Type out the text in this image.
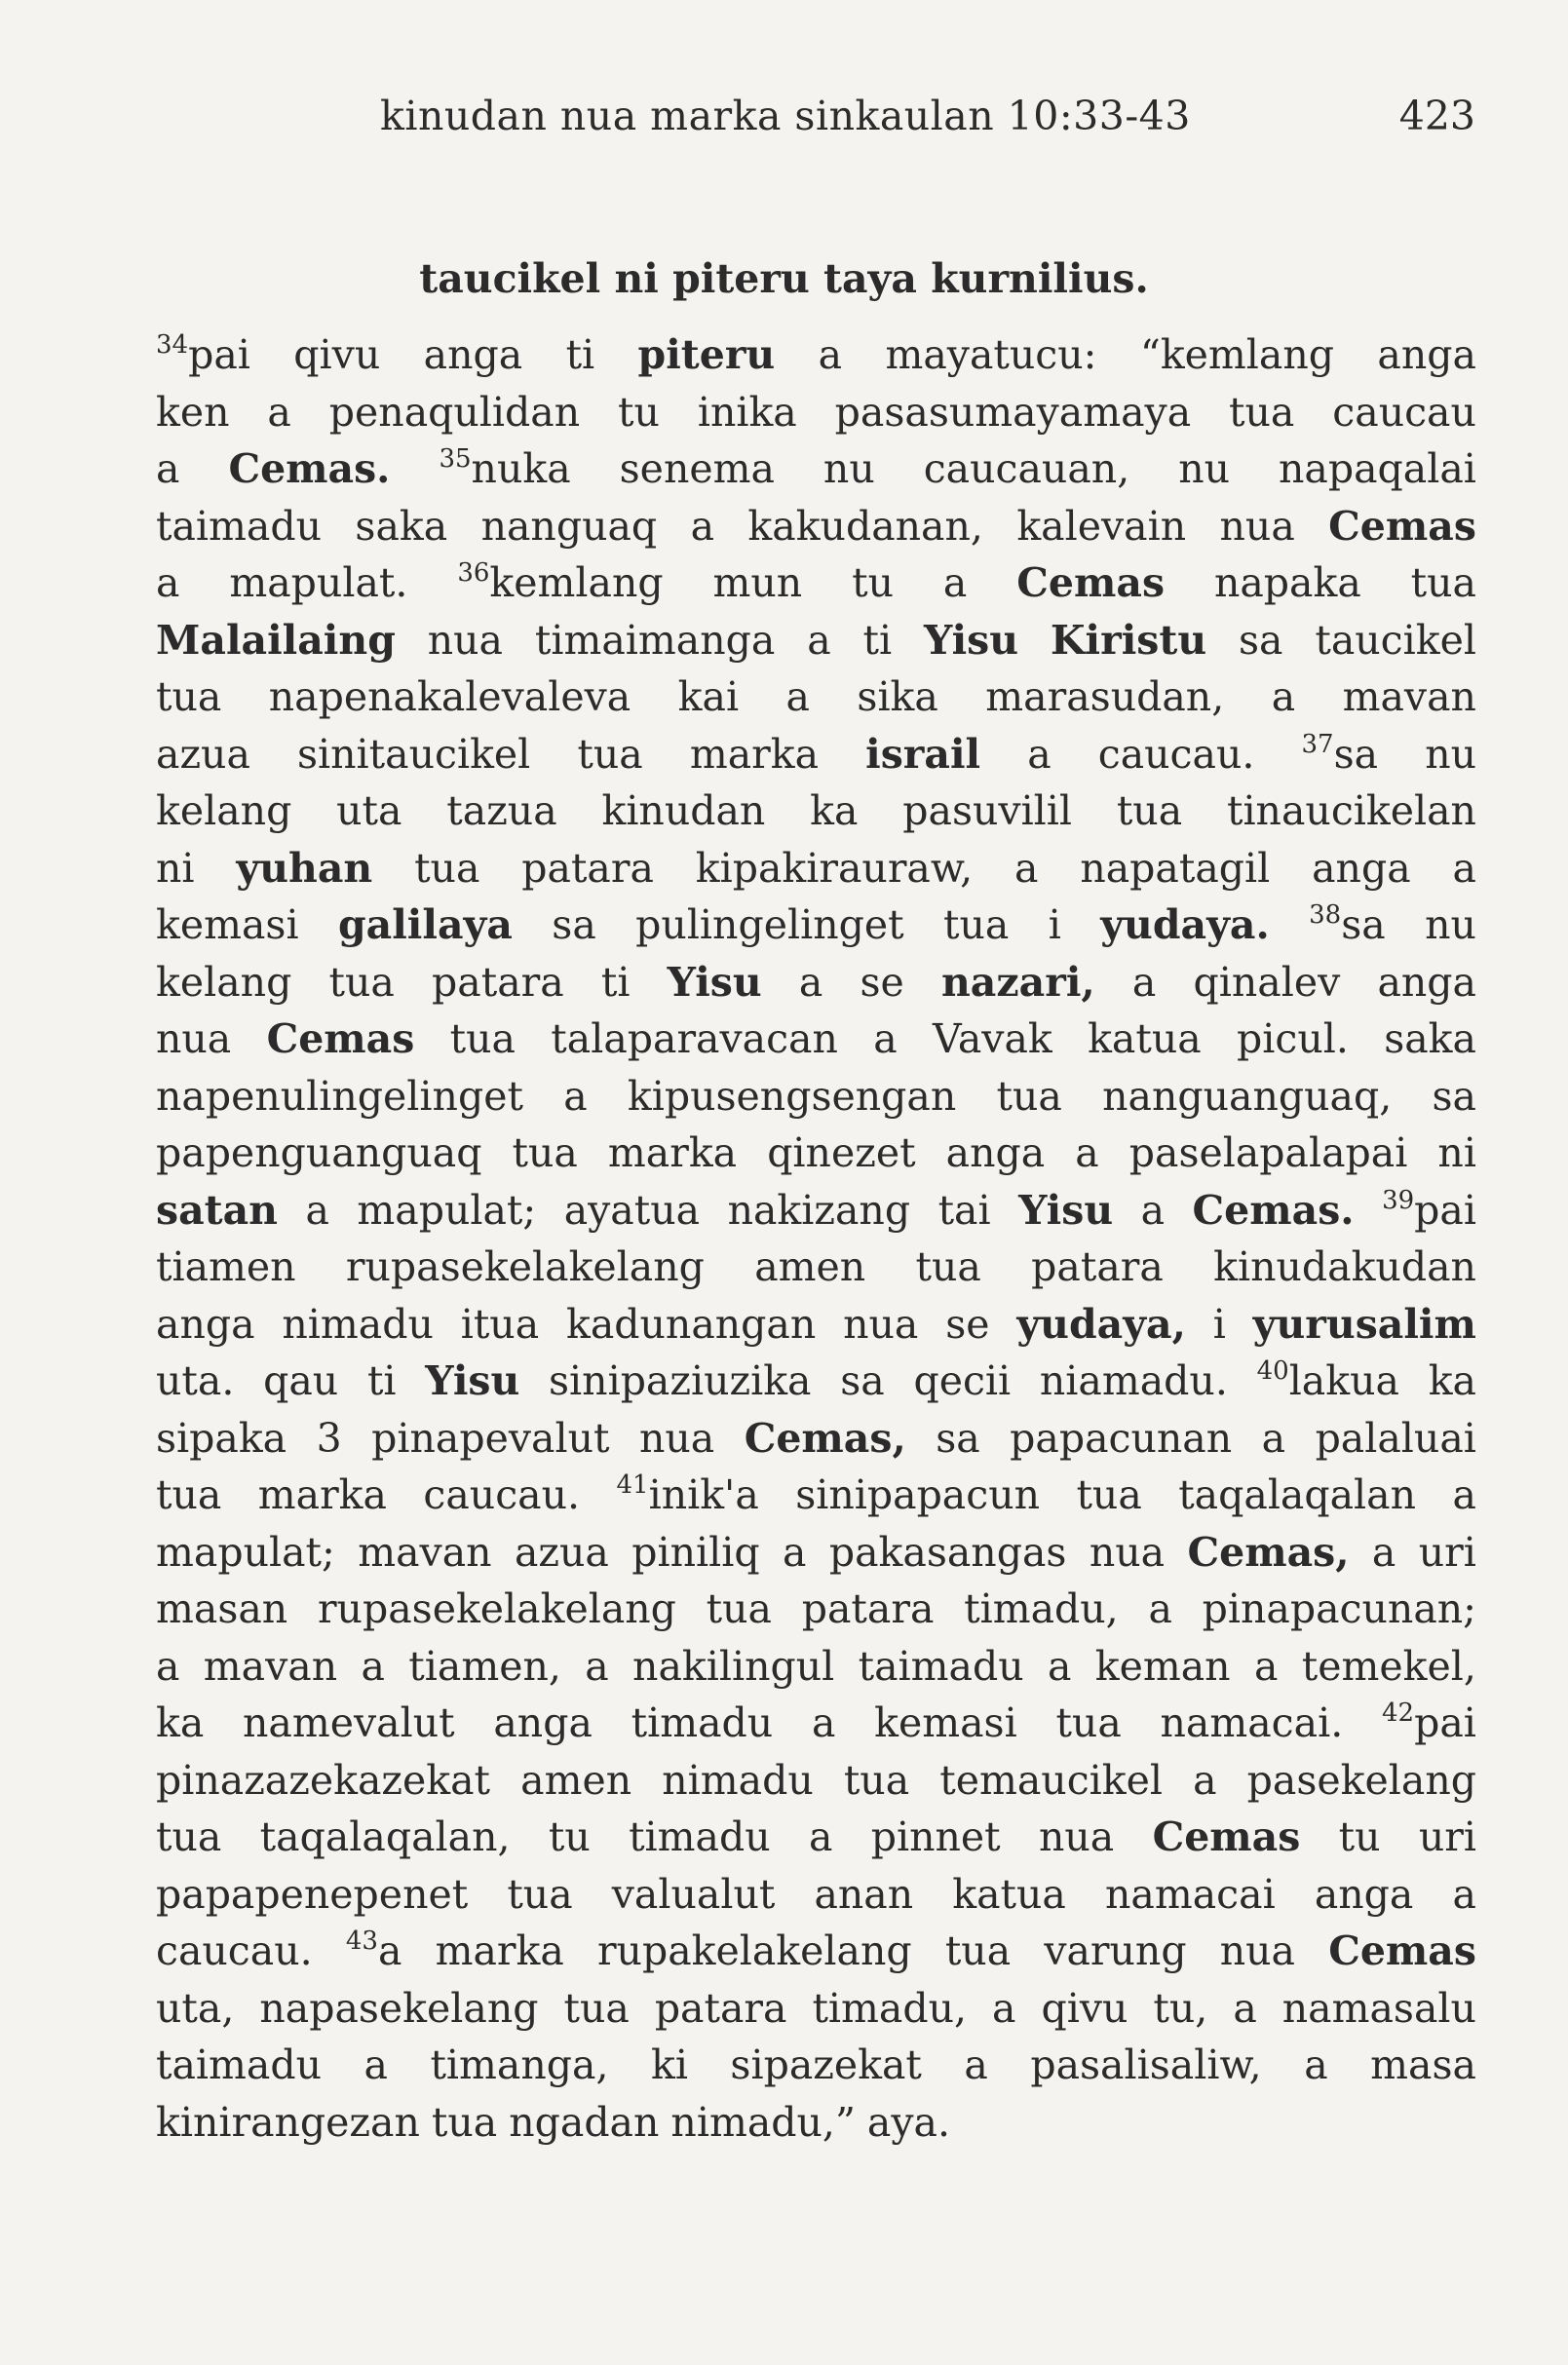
kinudan nua marka sinkaulan 10:33-43	423
taucikel ni piteru taya kurnilius.
$^{34}$pai qivu anga ti piteru a mayatucu: “kemlang anga
ken a penaqulidan tu inika pasasumayamaya tua caucau
a Cemas. $^{35}$nuka senema nu caucauan, nu napaqalai
taimadu saka nanguaq a kakudanan, kalevain nua Cemas
a mapulat. $^{36}$kemlang mun tu a Cemas napaka tua
Malailaing nua timaimanga a ti Yisu Kiristu sa taucikel
tua napenakalevaleva kai a sika marasudan, a mavan
azua sinitaucikel tua marka israil a caucau. $^{37}$sa nu
kelang uta tazua kinudan ka pasuvilil tua tinaucikelan
ni yuhan tua patara kipakirauraw, a napatagil anga a
kemasi galilaya sa pulingelinget tua i yudaya. $^{38}$sa nu
kelang tua patara ti Yisu a se nazari, a qinalev anga
nua Cemas tua talaparavacan a Vavak katua picul. saka
napenulingelinget a kipusengsengan tua nanguanguaq, sa
papenguanguaq tua marka qinezet anga a paselapalapai ni
satan a mapulat; ayatua nakizang tai Yisu a Cemas. $^{39}$pai
tiamen rupasekelakelang amen tua patara kinudakudan
anga nimadu itua kadunangan nua se yudaya, i yurusalim
uta. qau ti Yisu sinipaziuzika sa qecii niamadu. $^{40}$lakua ka
sipaka 3 pinapevalut nua Cemas, sa papacunan a palaluai
tua marka caucau. $^{41}$inik'a sinipapacun tua taqalaqalan a
mapulat; mavan azua piniliq a pakasangas nua Cemas, a uri
masan rupasekelakelang tua patara timadu, a pinapacunan;
a mavan a tiamen, a nakilingul taimadu a keman a temekel,
ka namevalut anga timadu a kemasi tua namacai. $^{42}$pai
pinazazekazekat amen nimadu tua temaucikel a pasekelang
tua taqalaqalan, tu timadu a pinnet nua Cemas tu uri
papapenepenet tua valualut anan katua namacai anga a
caucau. $^{43}$a marka rupakelakelang tua varung nua Cemas
uta, napasekelang tua patara timadu, a qivu tu, a namasalu
taimadu a timanga, ki sipazekat a pasalisaliw, a masa
kinirangezan tua ngadan nimadu,” aya.
